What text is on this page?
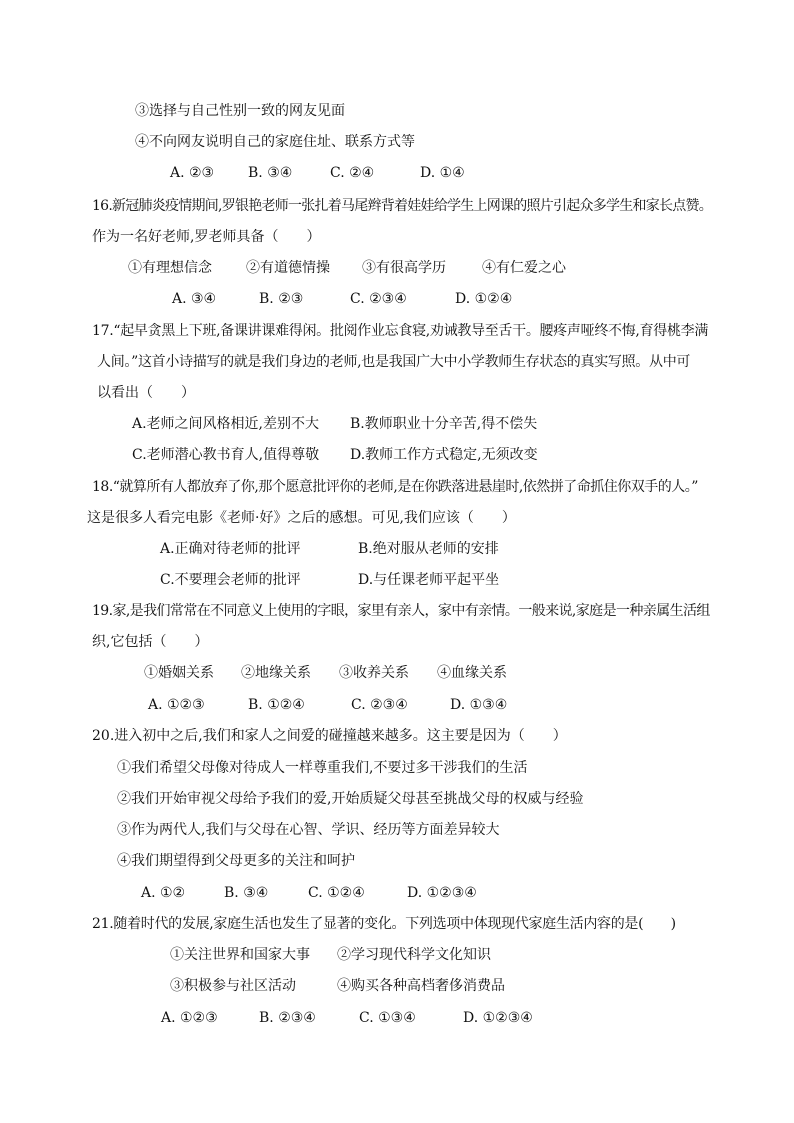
③选择与自己性别一致的网友见面
④不向网友说明自己的家庭住址、联系方式等
A. ②③ B. ③④	C. ②④	D. ①④
16.新冠肺炎疫情期间,罗银艳老师一张扎着马尾辫背着娃娃给学生上网课的照片引起众多学生和家长点赞。
作为一名好老师,罗老师具备（　　）
①有理想信念 ②有道德情操 ③有很高学历	④有仁爱之心
A. ③④	B. ②③	C. ②③④	D. ①②④
17.“起早贪黑上下班,备课讲课难得闲。批阅作业忘食寝,劝诫教导至舌干。腰疼声哑终不悔,育得桃李满
人间。”这首小诗描写的就是我们身边的老师,也是我国广大中小学教师生存状态的真实写照。从中可
以看出（　　）
A.老师之间风格相近,差别不大 B.教师职业十分辛苦,得不偿失
C.老师潜心教书育人,值得尊敬 D.教师工作方式稳定,无须改变
18.“就算所有人都放弃了你,那个愿意批评你的老师,是在你跌落进悬崖时,依然拼了命抓住你双手的人。”
这是很多人看完电影《老师·好》之后的感想。可见,我们应该（　　）
A.正确对待老师的批评	B.绝对服从老师的安排
C.不要理会老师的批评	D.与任课老师平起平坐
19.家,是我们常常在不同意义上使用的字眼，家里有亲人，家中有亲情。一般来说,家庭是一种亲属生活组
织,它包括（　　）
①婚姻关系 ②地缘关系 ③收养关系 ④血缘关系
A. ①②③	B. ①②④	C. ②③④	D. ①③④
20.进入初中之后,我们和家人之间爱的碰撞越来越多。这主要是因为（　　）
①我们希望父母像对待成人一样尊重我们,不要过多干涉我们的生活
②我们开始审视父母给予我们的爱,开始质疑父母甚至挑战父母的权威与经验
③作为两代人,我们与父母在心智、学识、经历等方面差异较大
④我们期望得到父母更多的关注和呵护
A. ①②	B. ③④	C. ①②④	D. ①②③④
21.随着时代的发展,家庭生活也发生了显著的变化。下列选项中体现现代家庭生活内容的是(　　)
①关注世界和国家大事 ②学习现代科学文化知识
③积极参与社区活动	④购买各种高档奢侈消费品
A. ①②③	B. ②③④	C. ①③④	D. ①②③④
